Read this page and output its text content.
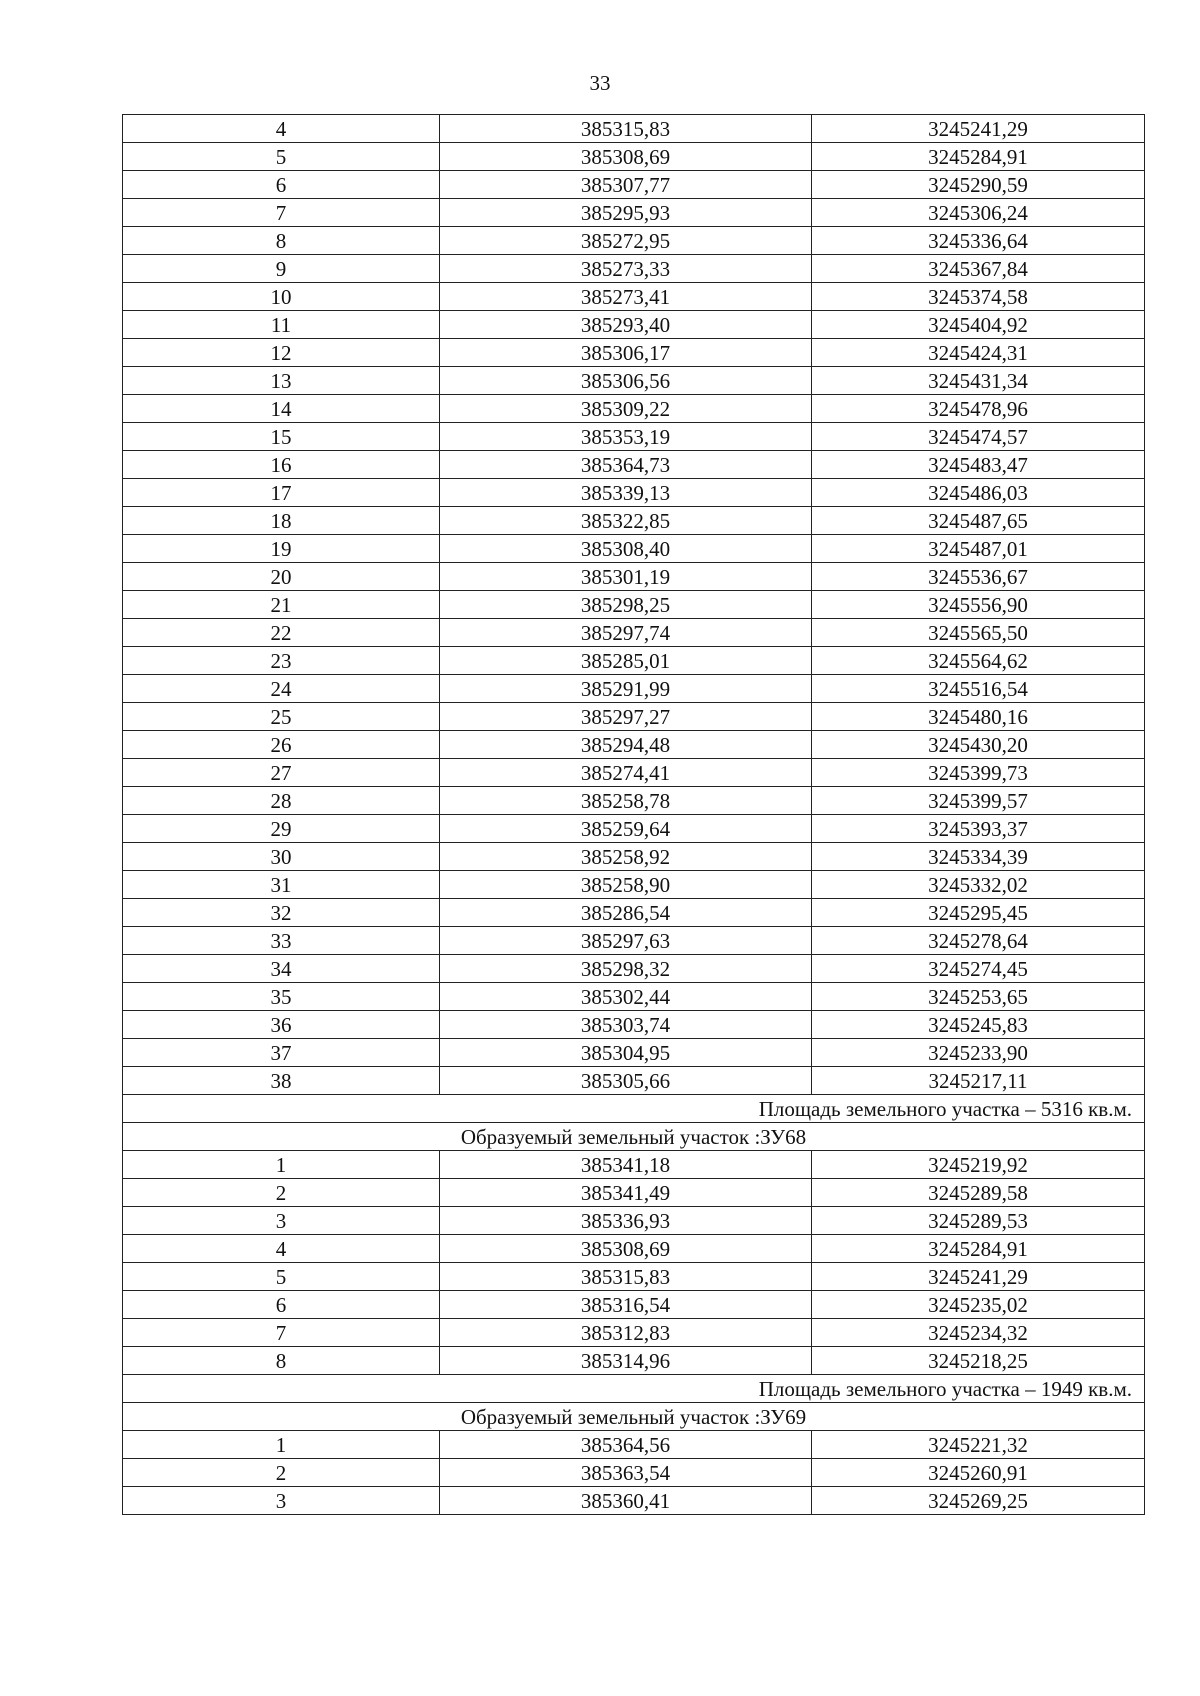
33
4	385315,83	3245241,29
5	385308,69	3245284,91
6	385307,77	3245290,59
7	385295,93	3245306,24
8	385272,95	3245336,64
9	385273,33	3245367,84
10	385273,41	3245374,58
11	385293,40	3245404,92
12	385306,17	3245424,31
13	385306,56	3245431,34
14	385309,22	3245478,96
15	385353,19	3245474,57
16	385364,73	3245483,47
17	385339,13	3245486,03
18	385322,85	3245487,65
19	385308,40	3245487,01
20	385301,19	3245536,67
21	385298,25	3245556,90
22	385297,74	3245565,50
23	385285,01	3245564,62
24	385291,99	3245516,54
25	385297,27	3245480,16
26	385294,48	3245430,20
27	385274,41	3245399,73
28	385258,78	3245399,57
29	385259,64	3245393,37
30	385258,92	3245334,39
31	385258,90	3245332,02
32	385286,54	3245295,45
33	385297,63	3245278,64
34	385298,32	3245274,45
35	385302,44	3245253,65
36	385303,74	3245245,83
37	385304,95	3245233,90
38	385305,66	3245217,11
Площадь земельного участка – 5316 кв.м.		
Образуемый земельный участок :ЗУ68		
1	385341,18	3245219,92
2	385341,49	3245289,58
3	385336,93	3245289,53
4	385308,69	3245284,91
5	385315,83	3245241,29
6	385316,54	3245235,02
7	385312,83	3245234,32
8	385314,96	3245218,25
Площадь земельного участка – 1949 кв.м.		
Образуемый земельный участок :ЗУ69		
1	385364,56	3245221,32
2	385363,54	3245260,91
3	385360,41	3245269,25
